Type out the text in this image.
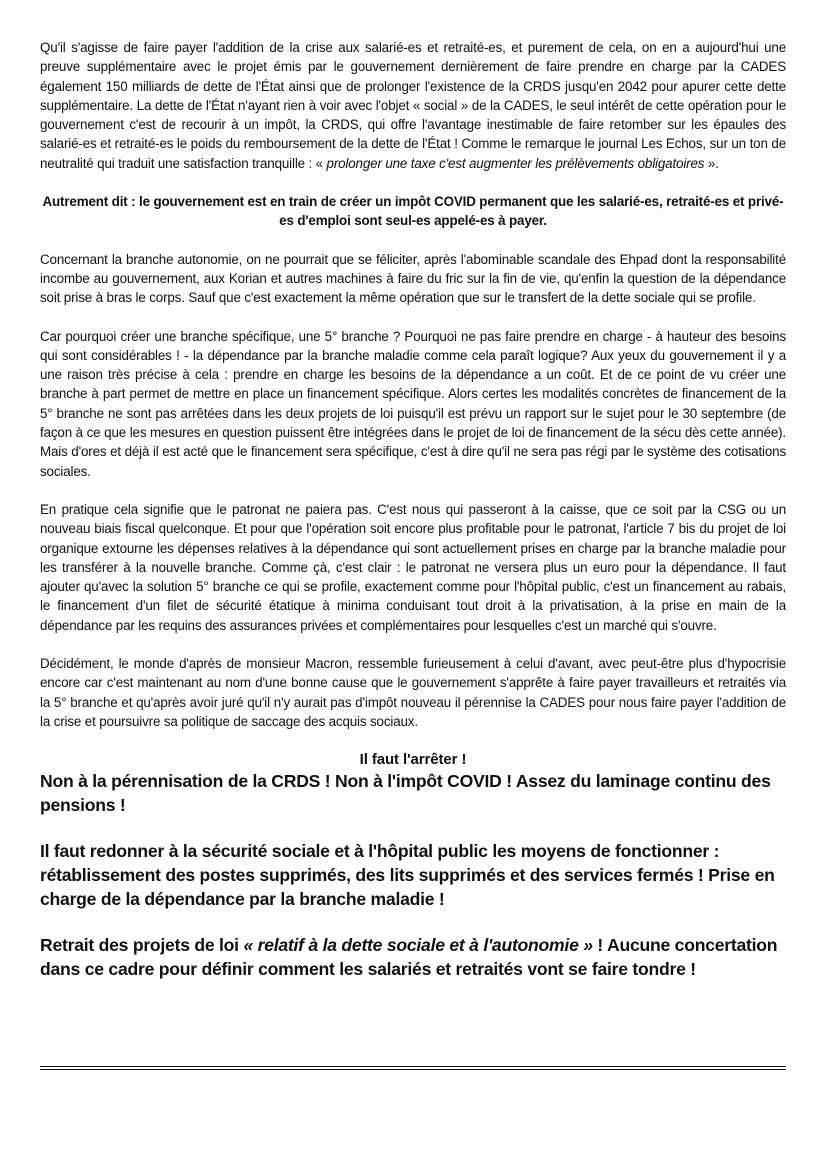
Qu'il s'agisse de faire payer l'addition de la crise aux salarié-es et retraité-es, et purement de cela, on en a aujourd'hui une preuve supplémentaire avec le projet émis par le gouvernement dernièrement de faire prendre en charge par la CADES également 150 milliards de dette de l'État ainsi que de prolonger l'existence de la CRDS jusqu'en 2042 pour apurer cette dette supplémentaire. La dette de l'État n'ayant rien à voir avec l'objet « social » de la CADES, le seul intérêt de cette opération pour le gouvernement c'est de recourir à un impôt, la CRDS, qui offre l'avantage inestimable de faire retomber sur les épaules des salarié-es et retraité-es le poids du remboursement de la dette de l'État ! Comme le remarque le journal Les Echos, sur un ton de neutralité qui traduit une satisfaction tranquille : « prolonger une taxe c'est augmenter les prélèvements obligatoires ».

Autrement dit : le gouvernement est en train de créer un impôt COVID permanent que les salarié-es, retraité-es et privé-es d'emploi sont seul-es appelé-es à payer.

Concernant la branche autonomie, on ne pourrait que se féliciter, après l'abominable scandale des Ehpad dont la responsabilité incombe au gouvernement, aux Korian et autres machines à faire du fric sur la fin de vie, qu'enfin la question de la dépendance soit prise à bras le corps. Sauf que c'est exactement la même opération que sur le transfert de la dette sociale qui se profile.

Car pourquoi créer une branche spécifique, une 5° branche ? Pourquoi ne pas faire prendre en charge - à hauteur des besoins qui sont considérables ! - la dépendance par la branche maladie comme cela paraît logique? Aux yeux du gouvernement il y a une raison très précise à cela : prendre en charge les besoins de la dépendance a un coût. Et de ce point de vu créer une branche à part permet de mettre en place un financement spécifique. Alors certes les modalités concrètes de financement de la 5° branche ne sont pas arrêtées dans les deux projets de loi puisqu'il est prévu un rapport sur le sujet pour le 30 septembre (de façon à ce que les mesures en question puissent être intégrées dans le projet de loi de financement de la sécu dès cette année). Mais d'ores et déjà il est acté que le financement sera spécifique, c'est à dire qu'il ne sera pas régi par le système des cotisations sociales.

En pratique cela signifie que le patronat ne paiera pas. C'est nous qui passeront à la caisse, que ce soit par la CSG ou un nouveau biais fiscal quelconque. Et pour que l'opération soit encore plus profitable pour le patronat, l'article 7 bis du projet de loi organique extourne les dépenses relatives à la dépendance qui sont actuellement prises en charge par la branche maladie pour les transférer à la nouvelle branche. Comme çà, c'est clair : le patronat ne versera plus un euro pour la dépendance. Il faut ajouter qu'avec la solution 5° branche ce qui se profile, exactement comme pour l'hôpital public, c'est un financement au rabais, le financement d'un filet de sécurité étatique à minima conduisant tout droit à la privatisation, à la prise en main de la dépendance par les requins des assurances privées et complémentaires pour lesquelles c'est un marché qui s'ouvre.

Décidément, le monde d'après de monsieur Macron, ressemble furieusement à celui d'avant, avec peut-être plus d'hypocrisie encore car c'est maintenant au nom d'une bonne cause que le gouvernement s'apprête à faire payer travailleurs et retraités via la 5° branche et qu'après avoir juré qu'il n'y aurait pas d'impôt nouveau il pérennise la CADES pour nous faire payer l'addition de la crise et poursuivre sa politique de saccage des acquis sociaux.

Il faut l'arrêter !

Non à la pérennisation de la CRDS ! Non à l'impôt COVID ! Assez du laminage continu des pensions !

Il faut redonner à la sécurité sociale et à l'hôpital public les moyens de fonctionner : rétablissement des postes supprimés, des lits supprimés et des services fermés ! Prise en charge de la dépendance par la branche maladie !

Retrait des projets de loi « relatif à la dette sociale et à l'autonomie » ! Aucune concertation dans ce cadre pour définir comment les salariés et retraités vont se faire tondre !
